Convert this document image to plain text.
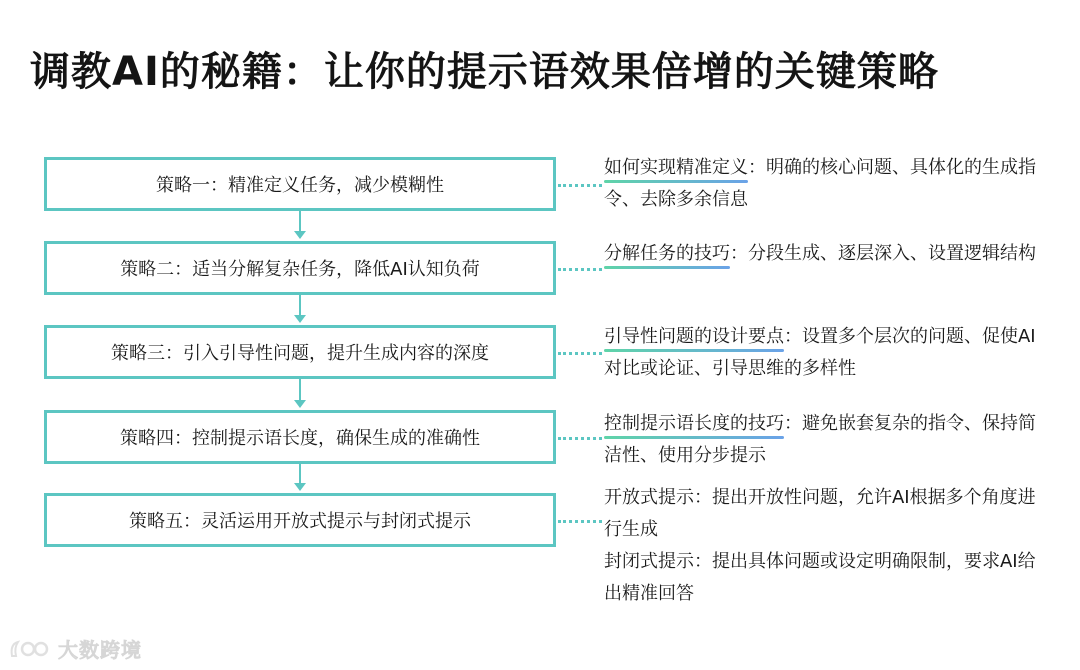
调教AI的秘籍：让你的提示语效果倍增的关键策略
策略一：精准定义任务，减少模糊性
策略二：适当分解复杂任务，降低AI认知负荷
策略三：引入引导性问题，提升生成内容的深度
策略四：控制提示语长度，确保生成的准确性
策略五：灵活运用开放式提示与封闭式提示
如何实现精准定义：明确的核心问题、具体化的生成指令、去除多余信息
分解任务的技巧：分段生成、逐层深入、设置逻辑结构
引导性问题的设计要点：设置多个层次的问题、促使AI对比或论证、引导思维的多样性
控制提示语长度的技巧：避免嵌套复杂的指令、保持简洁性、使用分步提示
开放式提示：提出开放性问题，允许AI根据多个角度进行生成
封闭式提示：提出具体问题或设定明确限制，要求AI给出精准回答
大数跨境
